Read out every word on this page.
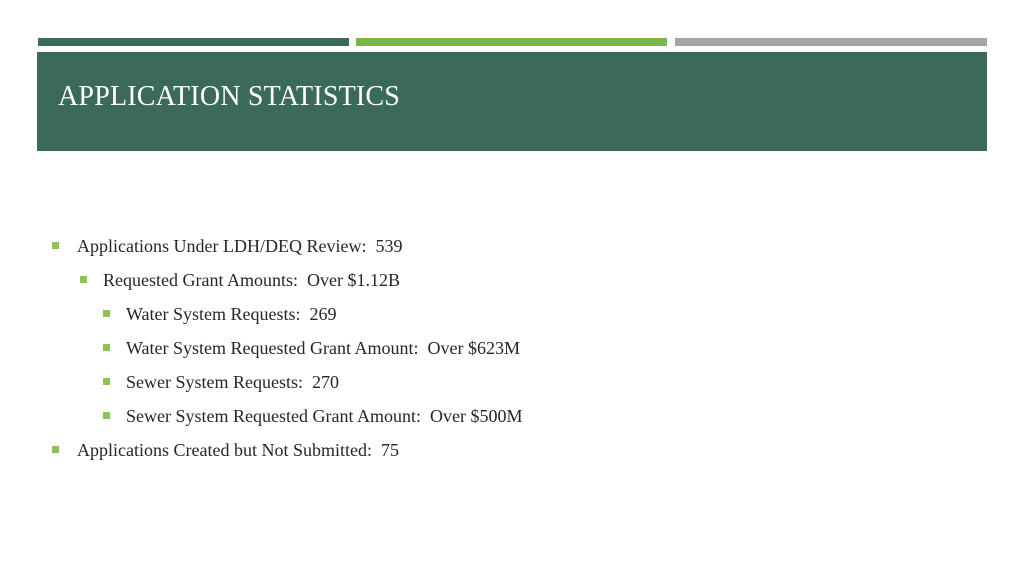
APPLICATION STATISTICS
Applications Under LDH/DEQ Review:  539
Requested Grant Amounts:  Over $1.12B
Water System Requests:  269
Water System Requested Grant Amount:  Over $623M
Sewer System Requests:  270
Sewer System Requested Grant Amount:  Over $500M
Applications Created but Not Submitted:  75
